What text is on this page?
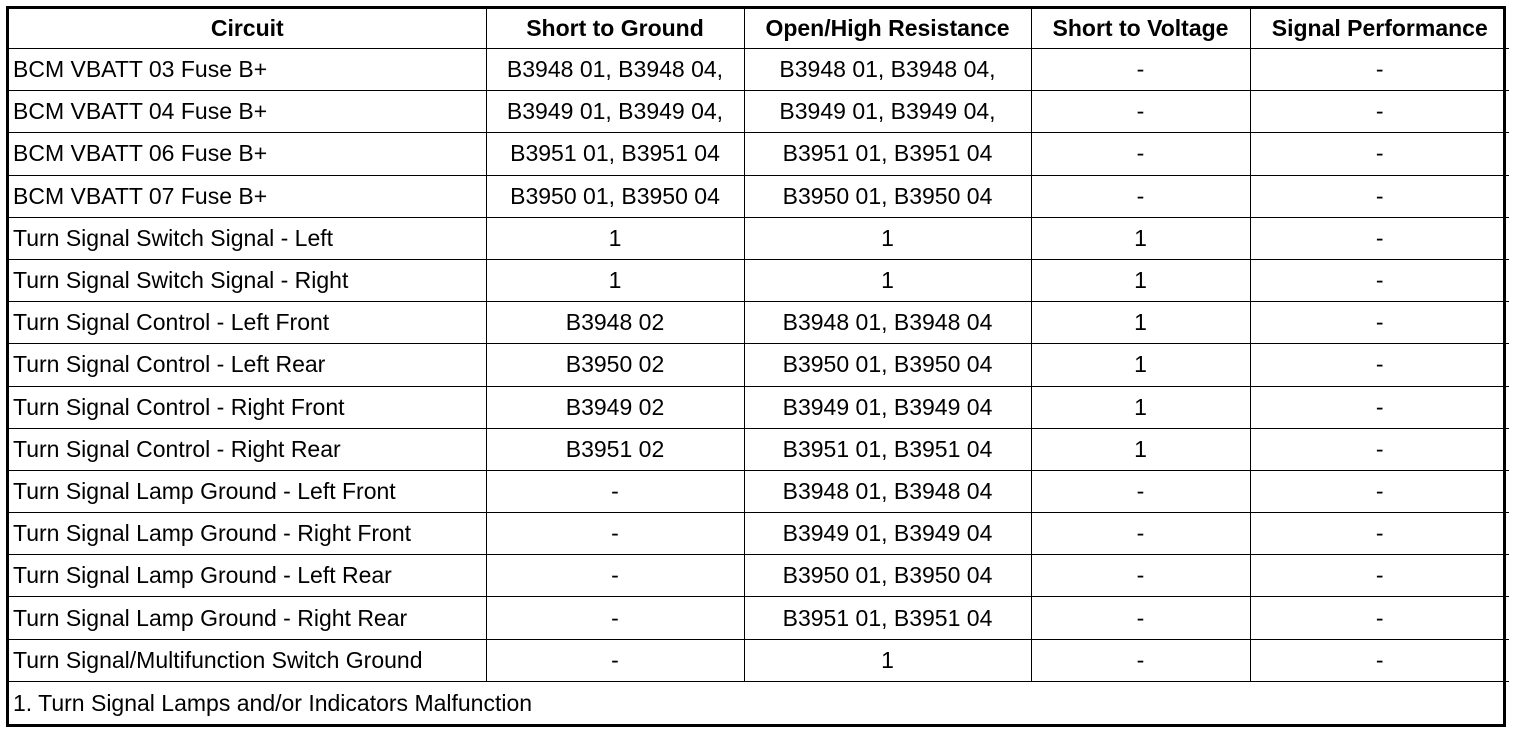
Circuit	Short to Ground	Open/High Resistance	Short to Voltage	Signal Performance
BCM VBATT 03 Fuse B+	B3948 01, B3948 04,	B3948 01, B3948 04,	-	-
BCM VBATT 04 Fuse B+	B3949 01, B3949 04,	B3949 01, B3949 04,	-	-
BCM VBATT 06 Fuse B+	B3951 01, B3951 04	B3951 01, B3951 04	-	-
BCM VBATT 07 Fuse B+	B3950 01, B3950 04	B3950 01, B3950 04	-	-
Turn Signal Switch Signal - Left	1	1	1	-
Turn Signal Switch Signal - Right	1	1	1	-
Turn Signal Control - Left Front	B3948 02	B3948 01, B3948 04	1	-
Turn Signal Control - Left Rear	B3950 02	B3950 01, B3950 04	1	-
Turn Signal Control - Right Front	B3949 02	B3949 01, B3949 04	1	-
Turn Signal Control - Right Rear	B3951 02	B3951 01, B3951 04	1	-
Turn Signal Lamp Ground - Left Front	-	B3948 01, B3948 04	-	-
Turn Signal Lamp Ground - Right Front	-	B3949 01, B3949 04	-	-
Turn Signal Lamp Ground - Left Rear	-	B3950 01, B3950 04	-	-
Turn Signal Lamp Ground - Right Rear	-	B3951 01, B3951 04	-	-
Turn Signal/Multifunction Switch Ground	-	1	-	-
1. Turn Signal Lamps and/or Indicators Malfunction				
